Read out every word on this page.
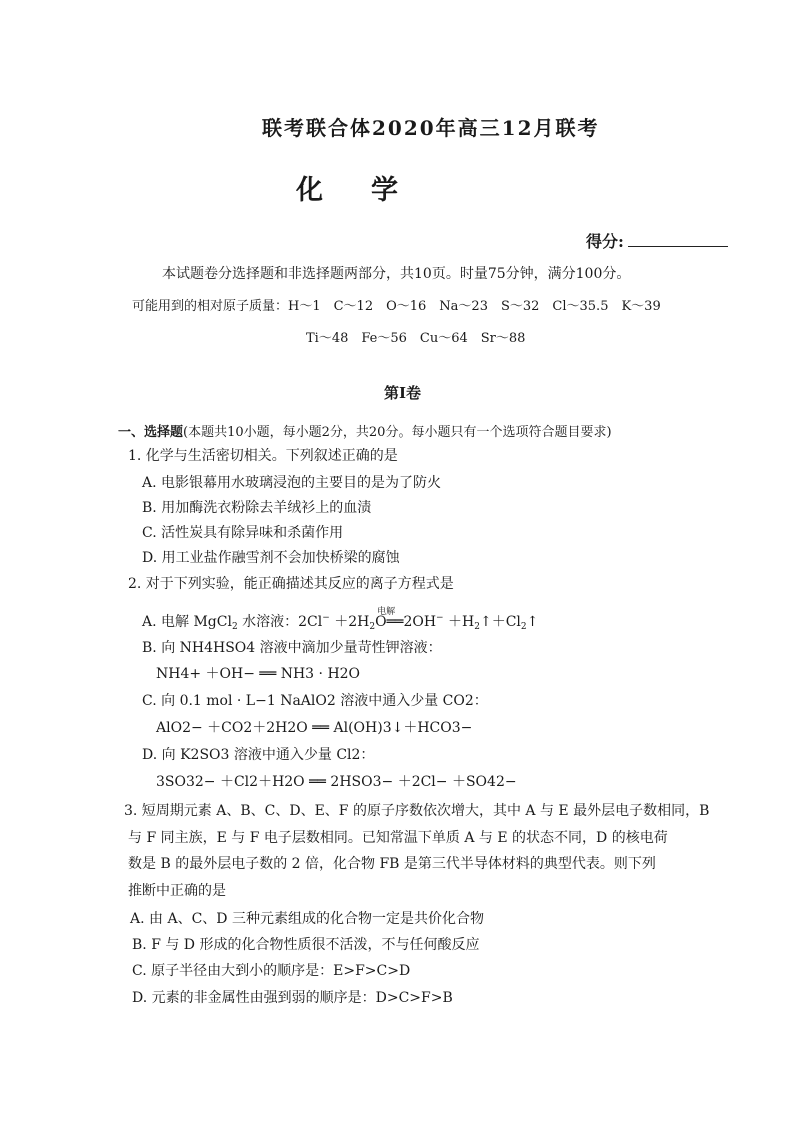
联考联合体2020年高三12月联考
化学
得分:
本试题卷分选择题和非选择题两部分，共10页。时量75分钟，满分100分。
可能用到的相对原子质量：H～1　C～12　O～16　Na～23　S～32　Cl～35.5　K～39
Ti～48　Fe～56　Cu～64　Sr～88
第Ⅰ卷
一、选择题(本题共10小题，每小题2分，共20分。每小题只有一个选项符合题目要求)
1. 化学与生活密切相关。下列叙述正确的是
A. 电影银幕用水玻璃浸泡的主要目的是为了防火
B. 用加酶洗衣粉除去羊绒衫上的血渍
C. 活性炭具有除异味和杀菌作用
D. 用工业盐作融雪剂不会加快桥梁的腐蚀
2. 对于下列实验，能正确描述其反应的离子方程式是
A. 电解 MgCl$_2$ 水溶液：$2Cl^- +2H_2O$
电解
══2OH− $+H_2↑+Cl_2↑$
B. 向 NH4HSO4 溶液中滴加少量苛性钾溶液：
NH4+ ＋OH− ══ NH3 · H2O
C. 向 0.1 mol · L−1 NaAlO2 溶液中通入少量 CO2：
AlO2− ＋CO2＋2H2O ══ Al(OH)3↓＋HCO3−
D. 向 K2SO3 溶液中通入少量 Cl2：
3SO32− ＋Cl2＋H2O ══ 2HSO3− ＋2Cl− ＋SO42−
3. 短周期元素 A、B、C、D、E、F 的原子序数依次增大，其中 A 与 E 最外层电子数相同，B
与 F 同主族，E 与 F 电子层数相同。已知常温下单质 A 与 E 的状态不同，D 的核电荷
数是 B 的最外层电子数的 2 倍，化合物 FB 是第三代半导体材料的典型代表。则下列
推断中正确的是
A. 由 A、C、D 三种元素组成的化合物一定是共价化合物
B. F 与 D 形成的化合物性质很不活泼，不与任何酸反应
C. 原子半径由大到小的顺序是：E>F>C>D
D. 元素的非金属性由强到弱的顺序是：D>C>F>B
